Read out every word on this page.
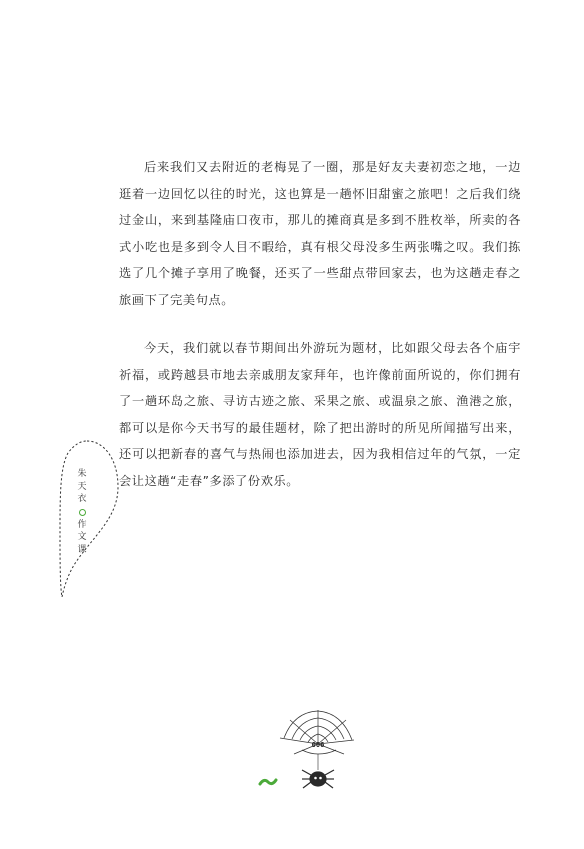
后来我们又去附近的老梅晃了一圈，那是好友夫妻初恋之地，一边逛着一边回忆以往的时光，这也算是一趟怀旧甜蜜之旅吧！之后我们绕过金山，来到基隆庙口夜市，那儿的摊商真是多到不胜枚举，所卖的各式小吃也是多到令人目不暇给，真有根父母没多生两张嘴之叹。我们拣选了几个摊子享用了晚餐，还买了一些甜点带回家去，也为这趟走春之旅画下了完美句点。

今天，我们就以春节期间出外游玩为题材，比如跟父母去各个庙宇祈福，或跨越县市地去亲戚朋友家拜年，也许像前面所说的，你们拥有了一趟环岛之旅、寻访古迹之旅、采果之旅、或温泉之旅、渔港之旅，都可以是你今天书写的最佳题材，除了把出游时的所见所闻描写出来，还可以把新春的喜气与热闹也添加进去，因为我相信过年的气氛，一定会让这趟“走春”多添了份欢乐。

朱
天
衣
作
文
课
006
